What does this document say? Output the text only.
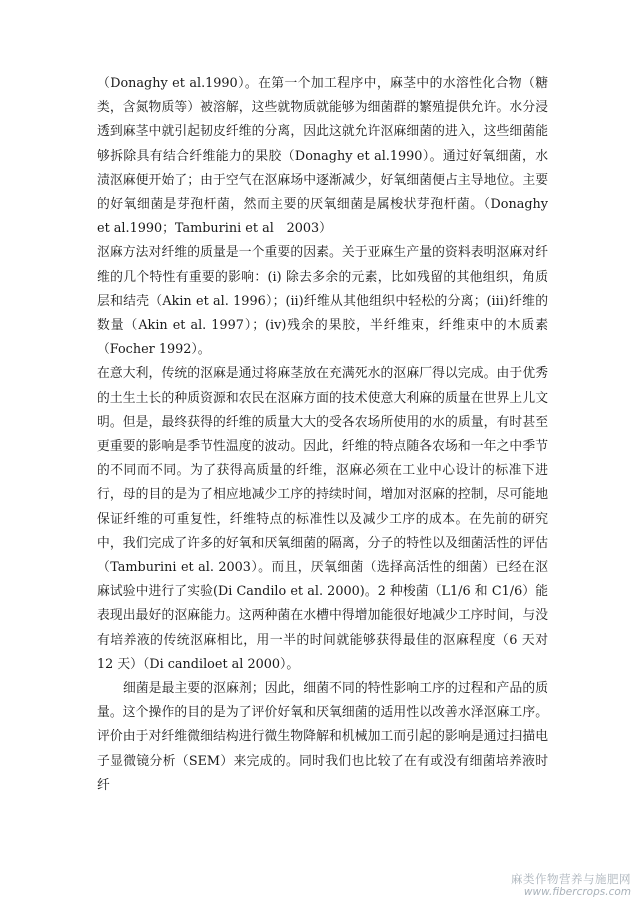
（Donaghy et al.1990）。在第一个加工程序中，麻茎中的水溶性化合物（糖类，含氮物质等）被溶解，这些就物质就能够为细菌群的繁殖提供允许。水分浸透到麻茎中就引起韧皮纤维的分离，因此这就允许沤麻细菌的进入，这些细菌能够拆除具有结合纤维能力的果胶（Donaghy et al.1990）。通过好氧细菌，水渍沤麻便开始了；由于空气在沤麻场中逐渐减少，好氧细菌便占主导地位。主要的好氧细菌是芽孢杆菌，然而主要的厌氧细菌是属梭状芽孢杆菌。（Donaghy et al.1990；Tamburini et al　2003）

沤麻方法对纤维的质量是一个重要的因素。关于亚麻生产量的资料表明沤麻对纤维的几个特性有重要的影响：(i) 除去多余的元素，比如残留的其他组织，角质层和结壳（Akin et al. 1996）；(ii)纤维从其他组织中轻松的分离；(iii)纤维的数量（Akin et al. 1997）；(iv)残余的果胶，半纤维束，纤维束中的木质素（Focher 1992）。

在意大利，传统的沤麻是通过将麻茎放在充满死水的沤麻厂得以完成。由于优秀的土生土长的种质资源和农民在沤麻方面的技术使意大利麻的质量在世界上儿文明。但是，最终获得的纤维的质量大大的受各农场所使用的水的质量，有时甚至更重要的影响是季节性温度的波动。因此，纤维的特点随各农场和一年之中季节的不同而不同。为了获得高质量的纤维，沤麻必须在工业中心设计的标准下进行，母的目的是为了相应地减少工序的持续时间，增加对沤麻的控制，尽可能地保证纤维的可重复性，纤维特点的标准性以及减少工序的成本。在先前的研究中，我们完成了许多的好氧和厌氧细菌的隔离，分子的特性以及细菌活性的评估（Tamburini et al. 2003）。而且，厌氧细菌（选择高活性的细菌）已经在沤麻试验中进行了实验(Di Candilo et al. 2000)。2 种梭菌（L1/6 和 C1/6）能表现出最好的沤麻能力。这两种菌在水槽中得增加能很好地减少工序时间，与没有培养液的传统沤麻相比，用一半的时间就能够获得最佳的沤麻程度（6 天对 12 天）（Di candiloet al 2000）。

细菌是最主要的沤麻剂；因此，细菌不同的特性影响工序的过程和产品的质量。这个操作的目的是为了评价好氧和厌氧细菌的适用性以改善水泽沤麻工序。评价由于对纤维微细结构进行微生物降解和机械加工而引起的影响是通过扫描电子显微镜分析（SEM）来完成的。同时我们也比较了在有或没有细菌培养液时纤

麻类作物营养与施肥网
www.fibercrops.com
